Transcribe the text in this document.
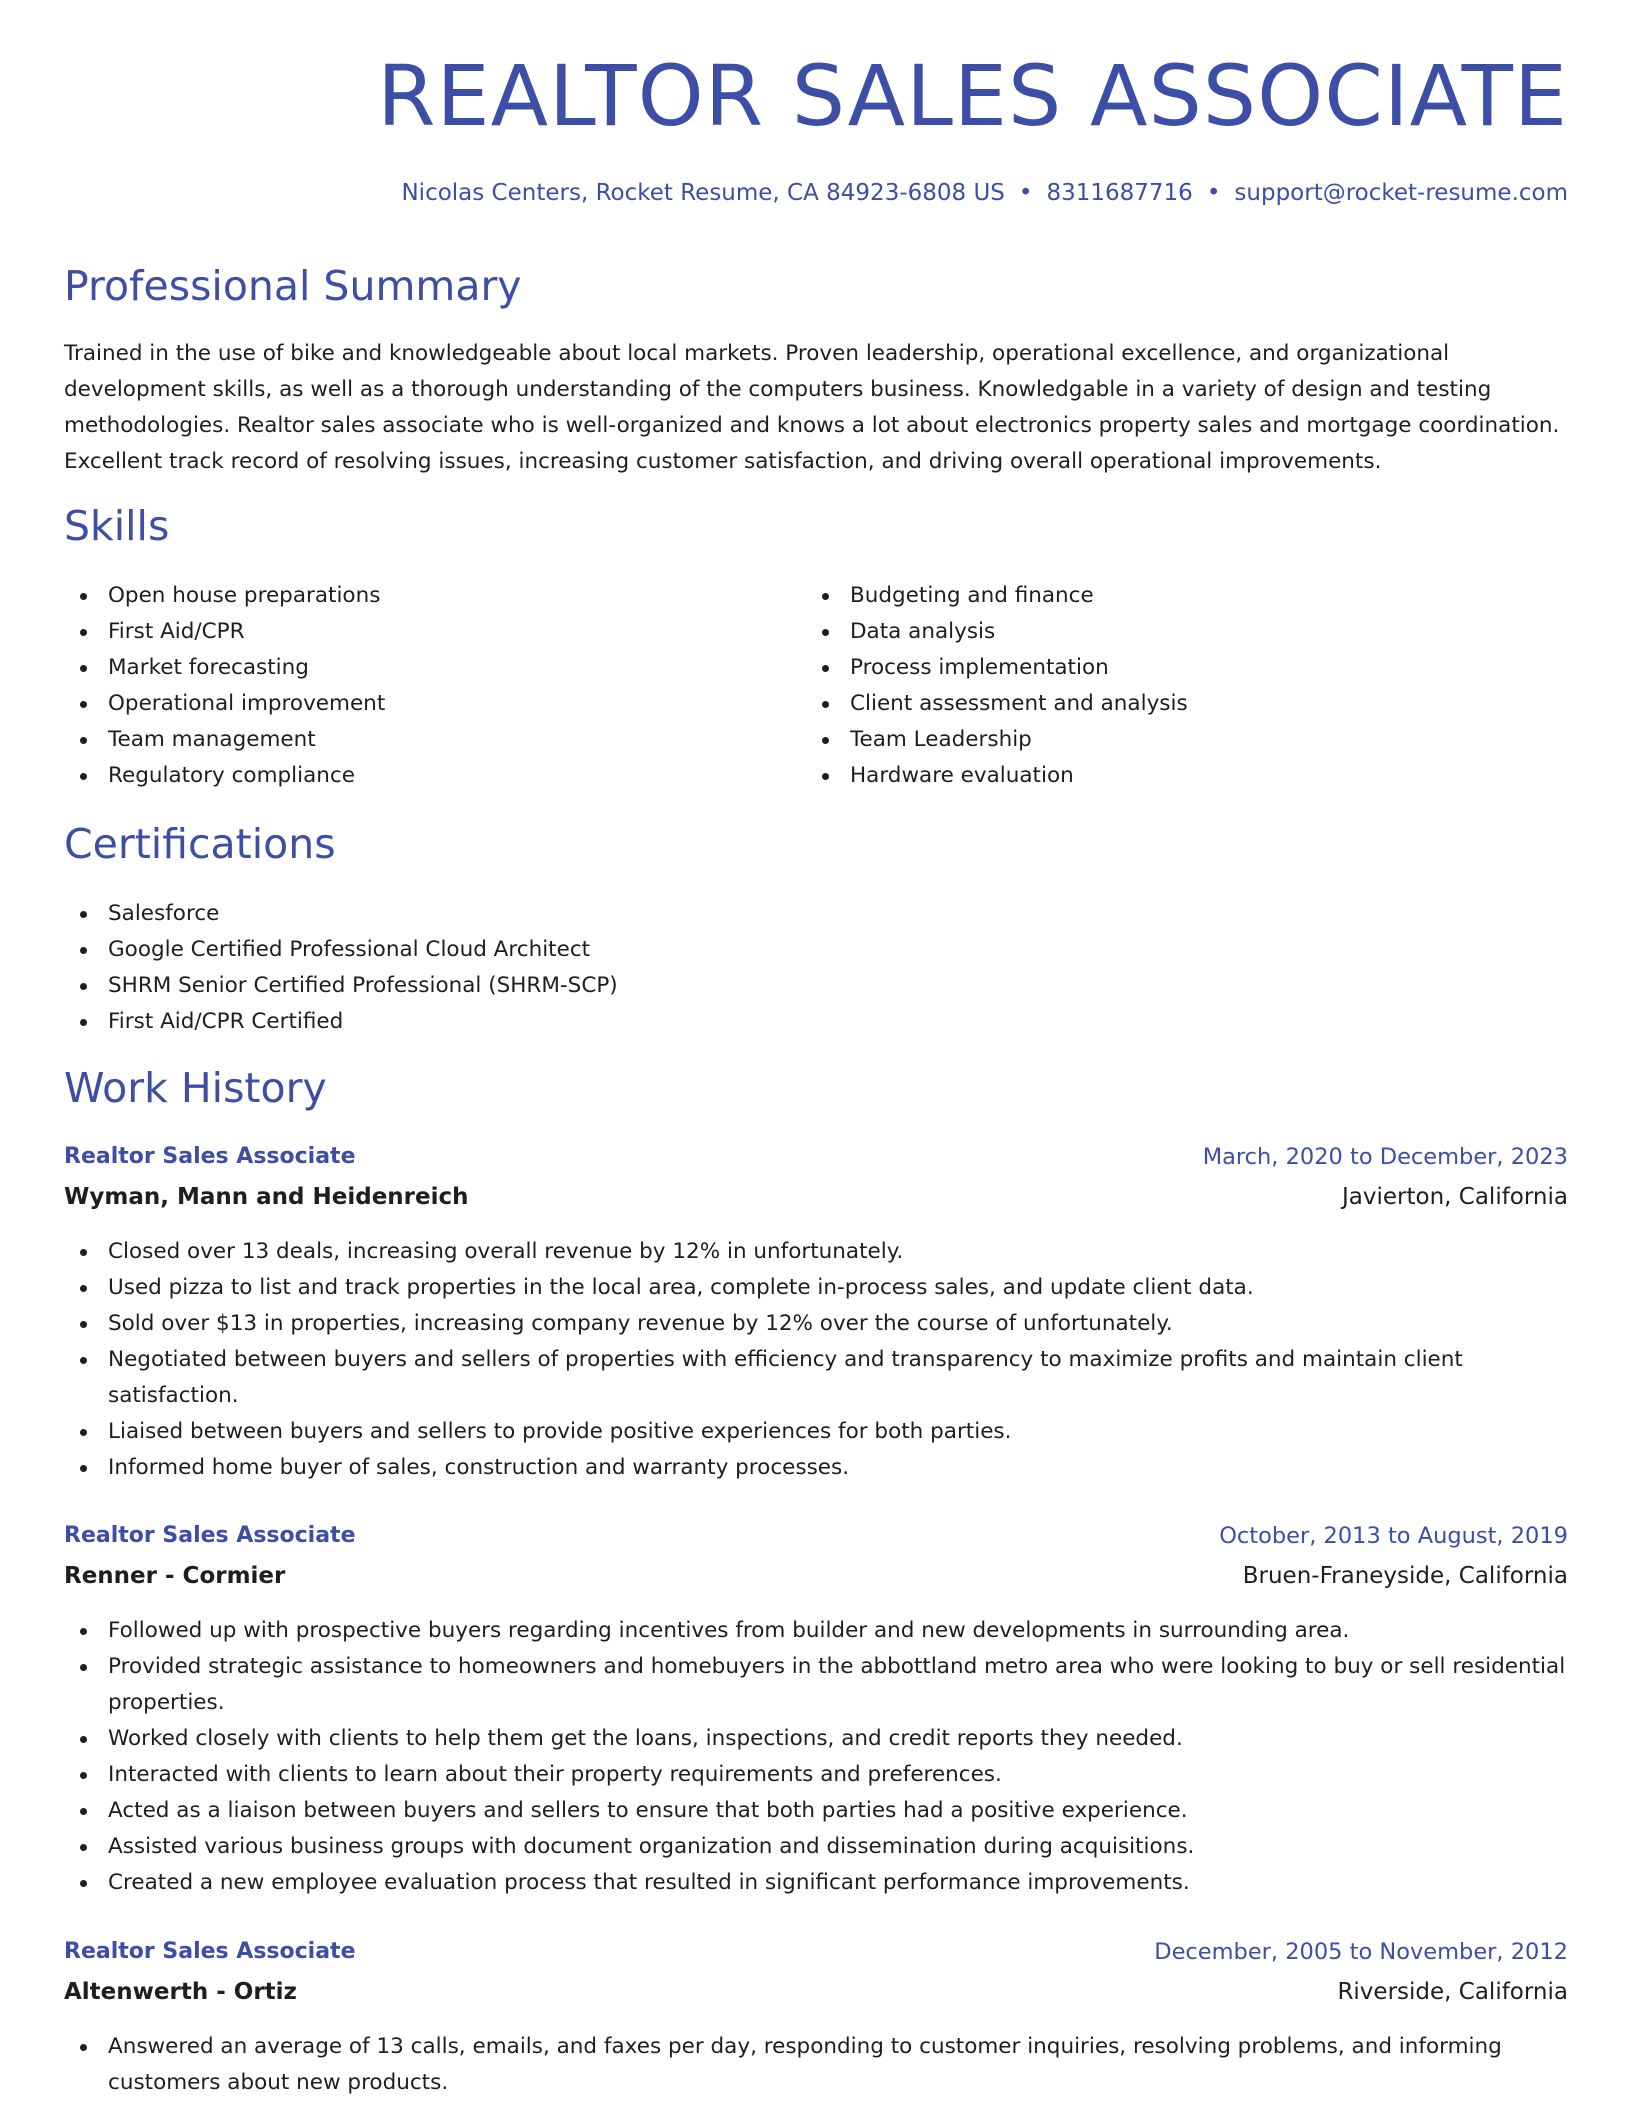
REALTOR SALES ASSOCIATE
Nicolas Centers, Rocket Resume, CA 84923-6808 US • 8311687716 • support@rocket-resume.com
Professional Summary

Trained in the use of bike and knowledgeable about local markets. Proven leadership, operational excellence, and organizational development skills, as well as a thorough understanding of the computers business. Knowledgable in a variety of design and testing methodologies. Realtor sales associate who is well-organized and knows a lot about electronics property sales and mortgage coordination. Excellent track record of resolving issues, increasing customer satisfaction, and driving overall operational improvements.

Skills
Open house preparations
First Aid/CPR
Market forecasting
Operational improvement
Team management
Regulatory compliance
Budgeting and finance
Data analysis
Process implementation
Client assessment and analysis
Team Leadership
Hardware evaluation
Certifications
Salesforce
Google Certified Professional Cloud Architect
SHRM Senior Certified Professional (SHRM-SCP)
First Aid/CPR Certified
Work History
Realtor Sales Associate	March, 2020 to December, 2023
Wyman, Mann and Heidenreich	Javierton, California
Closed over 13 deals, increasing overall revenue by 12% in unfortunately.
Used pizza to list and track properties in the local area, complete in-process sales, and update client data.
Sold over $13 in properties, increasing company revenue by 12% over the course of unfortunately.
Negotiated between buyers and sellers of properties with efficiency and transparency to maximize profits and maintain client satisfaction.
Liaised between buyers and sellers to provide positive experiences for both parties.
Informed home buyer of sales, construction and warranty processes.
Realtor Sales Associate	October, 2013 to August, 2019
Renner - Cormier	Bruen-Franeyside, California
Followed up with prospective buyers regarding incentives from builder and new developments in surrounding area.
Provided strategic assistance to homeowners and homebuyers in the abbottland metro area who were looking to buy or sell residential properties.
Worked closely with clients to help them get the loans, inspections, and credit reports they needed.
Interacted with clients to learn about their property requirements and preferences.
Acted as a liaison between buyers and sellers to ensure that both parties had a positive experience.
Assisted various business groups with document organization and dissemination during acquisitions.
Created a new employee evaluation process that resulted in significant performance improvements.
Realtor Sales Associate	December, 2005 to November, 2012
Altenwerth - Ortiz	Riverside, California
Answered an average of 13 calls, emails, and faxes per day, responding to customer inquiries, resolving problems, and informing customers about new products.
